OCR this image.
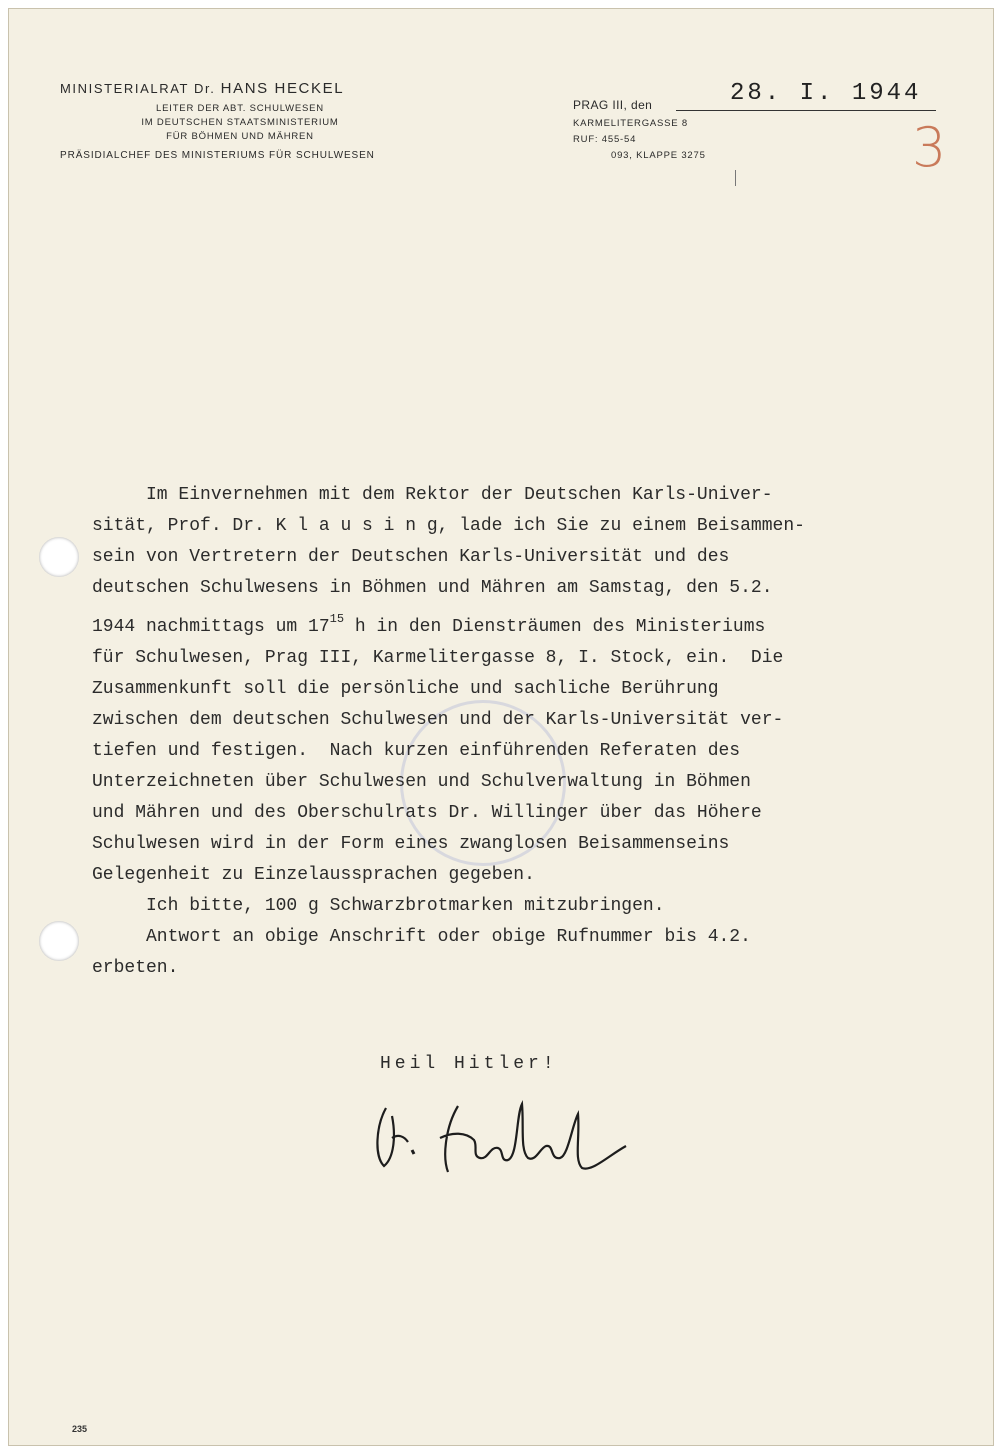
MINISTERIALRAT Dr. HANS HECKEL
LEITER DER ABT. SCHULWESEN
IM DEUTSCHEN STAATSMINISTERIUM
FÜR BÖHMEN UND MÄHREN
PRÄSIDIALCHEF DES MINISTERIUMS FÜR SCHULWESEN
PRAG III, den	28. I. 1944
KARMELITERGASSE 8
RUF: 455-54
093, KLAPPE 3275	3

Im Einvernehmen mit dem Rektor der Deutschen Karls-Univer-

sität, Prof. Dr. K l a u s i n g, lade ich Sie zu einem Beisammen-

sein von Vertretern der Deutschen Karls-Universität und des

deutschen Schulwesens in Böhmen und Mähren am Samstag, den 5.2.

1944 nachmittags um $17^{15}$ h in den Diensträumen des Ministeriums

für Schulwesen, Prag III, Karmelitergasse 8, I. Stock, ein.  Die

Zusammenkunft soll die persönliche und sachliche Berührung

zwischen dem deutschen Schulwesen und der Karls-Universität ver-

tiefen und festigen.  Nach kurzen einführenden Referaten des

Unterzeichneten über Schulwesen und Schulverwaltung in Böhmen

und Mähren und des Oberschulrats Dr. Willinger über das Höhere

Schulwesen wird in der Form eines zwanglosen Beisammenseins

Gelegenheit zu Einzelaussprachen gegeben.

Ich bitte, 100 g Schwarzbrotmarken mitzubringen.

Antwort an obige Anschrift oder obige Rufnummer bis 4.2.

erbeten.

Heil Hitler!
235
